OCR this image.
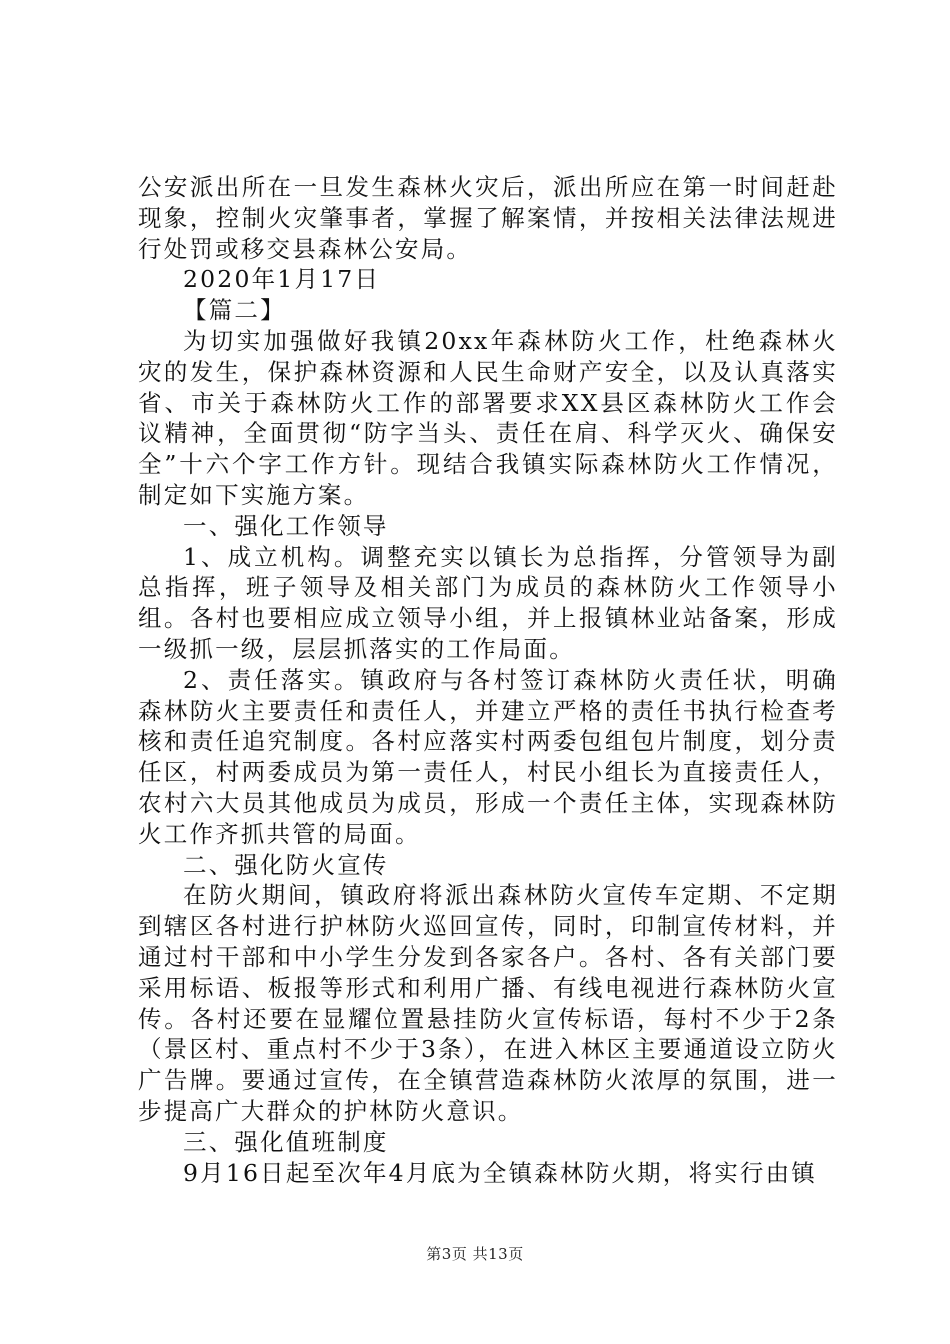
公安派出所在一旦发生森林火灾后，派出所应在第一时间赶赴现象，控制火灾肇事者，掌握了解案情，并按相关法律法规进行处罚或移交县森林公安局。

2020年1月17日

【篇二】

为切实加强做好我镇20xx年森林防火工作，杜绝森林火灾的发生，保护森林资源和人民生命财产安全，以及认真落实省、市关于森林防火工作的部署要求XX县区森林防火工作会议精神，全面贯彻“防字当头、责任在肩、科学灭火、确保安全”十六个字工作方针。现结合我镇实际森林防火工作情况，制定如下实施方案。

一、强化工作领导

1、成立机构。调整充实以镇长为总指挥，分管领导为副总指挥，班子领导及相关部门为成员的森林防火工作领导小组。各村也要相应成立领导小组，并上报镇林业站备案，形成一级抓一级，层层抓落实的工作局面。

2、责任落实。镇政府与各村签订森林防火责任状，明确森林防火主要责任和责任人，并建立严格的责任书执行检查考核和责任追究制度。各村应落实村两委包组包片制度，划分责任区，村两委成员为第一责任人，村民小组长为直接责任人，农村六大员其他成员为成员，形成一个责任主体，实现森林防火工作齐抓共管的局面。

二、强化防火宣传

在防火期间，镇政府将派出森林防火宣传车定期、不定期到辖区各村进行护林防火巡回宣传，同时，印制宣传材料，并通过村干部和中小学生分发到各家各户。各村、各有关部门要采用标语、板报等形式和利用广播、有线电视进行森林防火宣传。各村还要在显耀位置悬挂防火宣传标语，每村不少于2条（景区村、重点村不少于3条），在进入林区主要通道设立防火广告牌。要通过宣传，在全镇营造森林防火浓厚的氛围，进一步提高广大群众的护林防火意识。

三、强化值班制度

9月16日起至次年4月底为全镇森林防火期，将实行由镇

第3页 共13页
